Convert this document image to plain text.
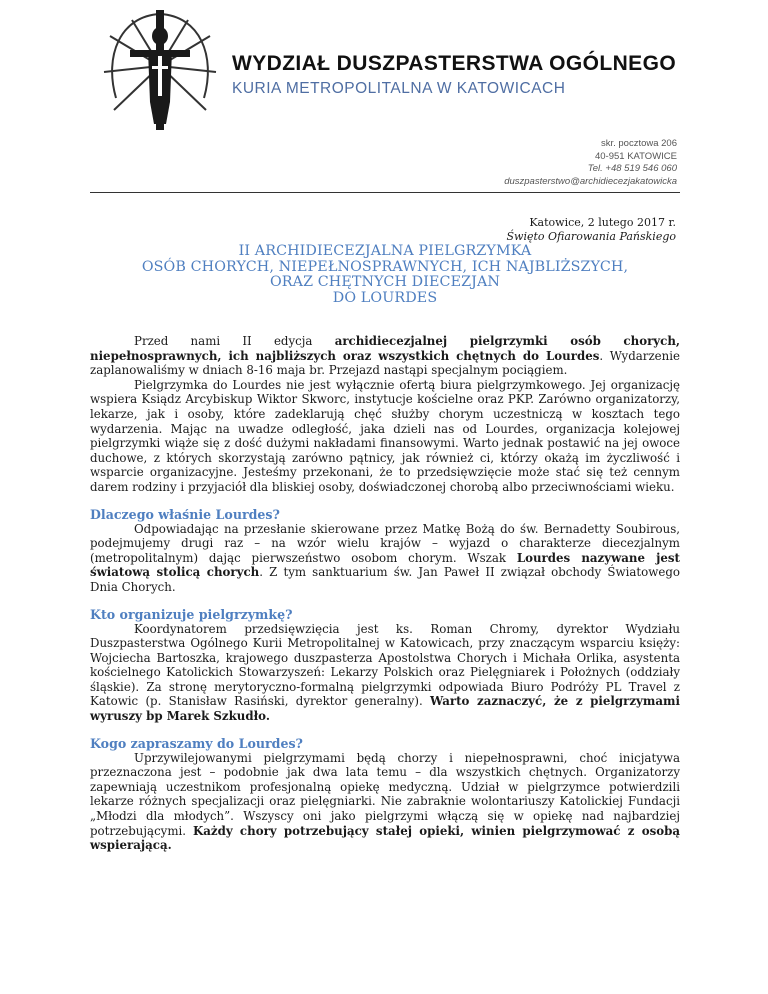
WYDZIAŁ DUSZPASTERSTWA OGÓLNEGO
KURIA METROPOLITALNA W KATOWICACH
skr. pocztowa 206
40-951 KATOWICE
Tel. +48 519 546 060
duszpasterstwo@archidiecezjakatowicka
Katowice, 2 lutego 2017 r.
Święto Ofiarowania Pańskiego
II ARCHIDIECEZJALNA PIELGRZYMKA
OSÓB CHORYCH, NIEPEŁNOSPRAWNYCH, ICH NAJBLIŻSZYCH,
ORAZ CHĘTNYCH DIECEZJAN
DO LOURDES

Przed nami II edycja archidiecezjalnej pielgrzymki osób chorych, niepełnosprawnych, ich najbliższych oraz wszystkich chętnych do Lourdes. Wydarzenie zaplanowaliśmy w dniach 8-16 maja br. Przejazd nastąpi specjalnym pociągiem.

Pielgrzymka do Lourdes nie jest wyłącznie ofertą biura pielgrzymkowego. Jej organizację wspiera Ksiądz Arcybiskup Wiktor Skworc, instytucje kościelne oraz PKP. Zarówno organizatorzy, lekarze, jak i osoby, które zadeklarują chęć służby chorym uczestniczą w kosztach tego wydarzenia. Mając na uwadze odległość, jaka dzieli nas od Lourdes, organizacja kolejowej pielgrzymki wiąże się z dość dużymi nakładami finansowymi. Warto jednak postawić na jej owoce duchowe, z których skorzystają zarówno pątnicy, jak również ci, którzy okażą im życzliwość i wsparcie organizacyjne. Jesteśmy przekonani, że to przedsięwzięcie może stać się też cennym darem rodziny i przyjaciół dla bliskiej osoby, doświadczonej chorobą albo przeciwnościami wieku.

Dlaczego właśnie Lourdes?

Odpowiadając na przesłanie skierowane przez Matkę Bożą do św. Bernadetty Soubirous, podejmujemy drugi raz – na wzór wielu krajów – wyjazd o charakterze diecezjalnym (metropolitalnym) dając pierwszeństwo osobom chorym. Wszak Lourdes nazywane jest światową stolicą chorych. Z tym sanktuarium św. Jan Paweł II związał obchody Światowego Dnia Chorych.

Kto organizuje pielgrzymkę?

Koordynatorem przedsięwzięcia jest ks. Roman Chromy, dyrektor Wydziału Duszpasterstwa Ogólnego Kurii Metropolitalnej w Katowicach, przy znaczącym wsparciu księży: Wojciecha Bartoszka, krajowego duszpasterza Apostolstwa Chorych i Michała Orlika, asystenta kościelnego Katolickich Stowarzyszeń: Lekarzy Polskich oraz Pielęgniarek i Położnych (oddziały śląskie). Za stronę merytoryczno-formalną pielgrzymki odpowiada Biuro Podróży PL Travel z Katowic (p. Stanisław Rasiński, dyrektor generalny). Warto zaznaczyć, że z pielgrzymami wyruszy bp Marek Szkudło.

Kogo zapraszamy do Lourdes?

Uprzywilejowanymi pielgrzymami będą chorzy i niepełnosprawni, choć inicjatywa przeznaczona jest – podobnie jak dwa lata temu – dla wszystkich chętnych. Organizatorzy zapewniają uczestnikom profesjonalną opiekę medyczną. Udział w pielgrzymce potwierdzili lekarze różnych specjalizacji oraz pielęgniarki. Nie zabraknie wolontariuszy Katolickiej Fundacji „Młodzi dla młodych”. Wszyscy oni jako pielgrzymi włączą się w opiekę nad najbardziej potrzebującymi. Każdy chory potrzebujący stałej opieki, winien pielgrzymować z osobą wspierającą.
